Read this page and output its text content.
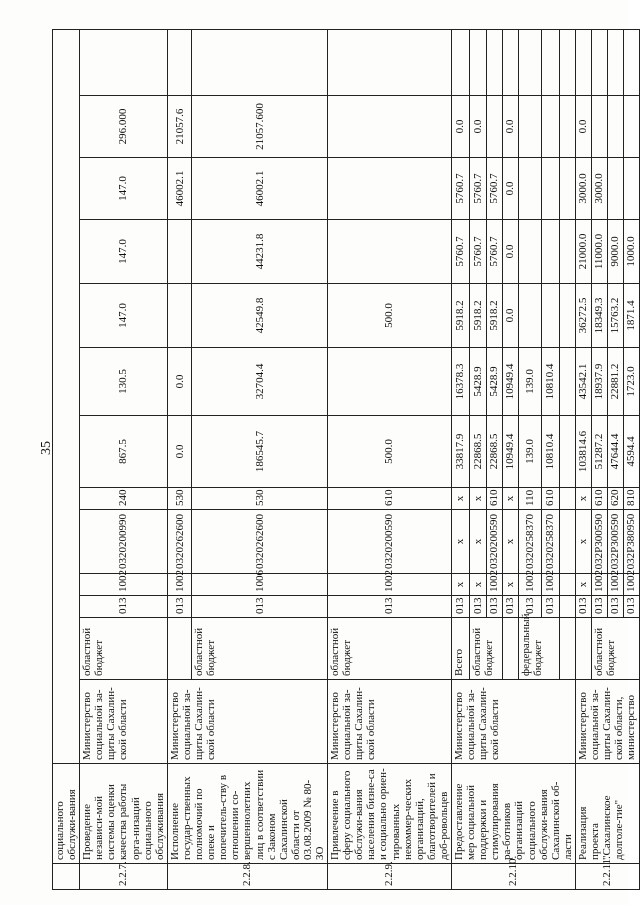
35
	социального обслужи-вания													
2.2.7.	Проведение независи-мой системы оценки качества работы орга-низаций социального обслуживания	Министерство социальной за-щиты Сахалин-ской области	областной бюджет	013	1002	0320200990	240	867.5	130.5	147.0	147.0	147.0	296.000	
2.2.8.	Исполнение государ-ственных полномочий по опеке и попечитель-ству в отношении со-вершеннолетних лиц в соответствии с Законом Сахалинской области от 03.08.2009 № 80-ЗО	Министерство социальной за-щиты Сахалин-ской области		013	1002	0320262600	530	0.0	0.0			46002.1	21057.6	
			областной бюджет	013	1006	0320262600	530	186545.7	32704.4	42549.8	44231.8	46002.1	21057.600	
2.2.9.	Привлечение в сферу социального обслужи-вания населения бизне-са и социально ориен-тированных некоммер-ческих организаций, благотворителей и доб-ровольцев	Министерство социальной за-щиты Сахалин-ской области	областной бюджет	013	1002	0320200590	610	500.0		500.0				
2.2.10.	Предоставление мер социальной поддержки и стимулирования ра-ботников организаций социального обслужи-вания Сахалинской об-ласти	Министерство социальной за-щиты Сахалин-ской области	Всего	013	х	х	х	33817.9	16378.3	5918.2	5760.7	5760.7	0.0	
			областной бюджет	013	х	х	х	22868.5	5428.9	5918.2	5760.7	5760.7	0.0	
				013	1002	0320200590	610	22868.5	5428.9	5918.2	5760.7	5760.7		
				013	х	х	х	10949.4	10949.4	0.0	0.0	0.0	0.0	
			федеральный бюджет	013	1002	0320258370	110	139.0	139.0					
				013	1002	0320258370	610	10810.4	10810.4					

2.2.11.	Реализация проекта "Сахалинское долголе-тие"	Министерство социальной за-щиты Сахалин-ской области, министерство		013	х	х	х	103814.6	43542.1	36272.5	21000.0	3000.0	0.0	
			областной бюджет	013	1002	032P300590	610	51287.2	18937.9	18349.3	11000.0	3000.0		
				013	1002	032P300590	620	47644.4	22881.2	15763.2	9000.0			
				013	1002	032P380950	810	4594.4	1723.0	1871.4	1000.0			
